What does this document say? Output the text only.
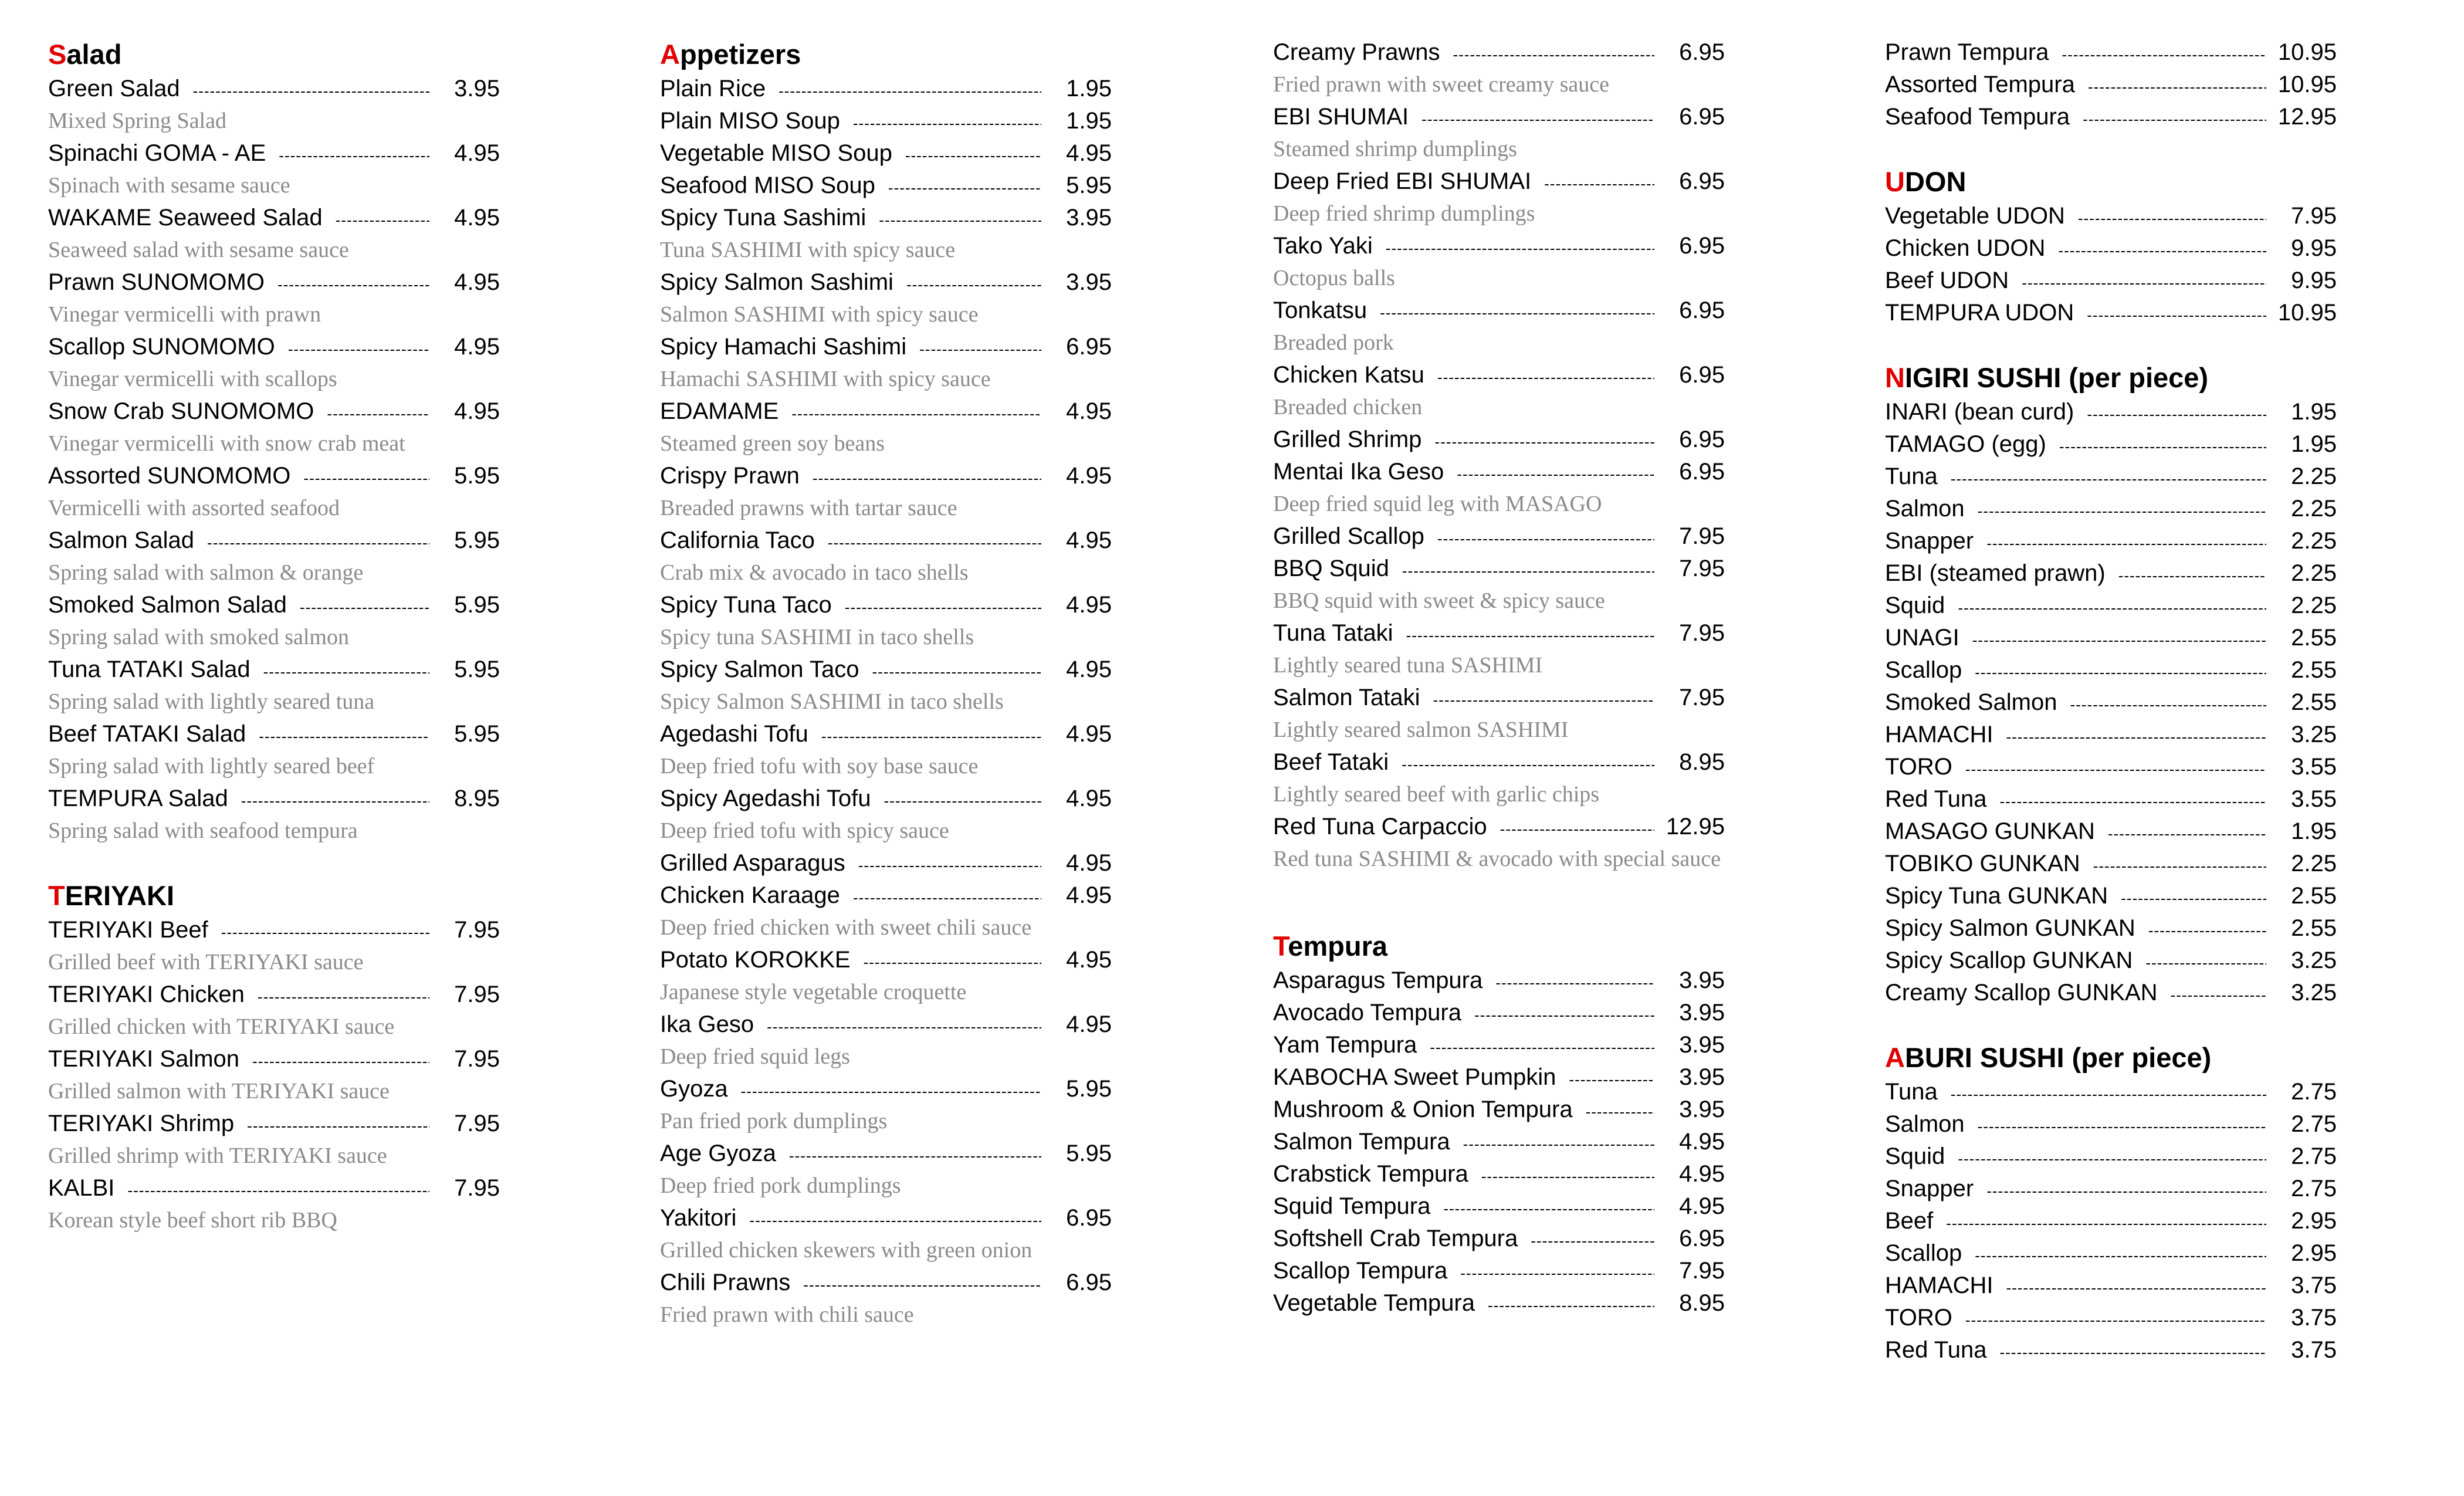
Salad
Green Salad -----	3.95
Mixed Spring Salad
Spinachi GOMA - AE -----	4.95
Spinach with sesame sauce
WAKAME Seaweed Salad -----	4.95
Seaweed salad with sesame sauce
Prawn SUNOMOMO -----	4.95
Vinegar vermicelli with prawn
Scallop SUNOMOMO -----	4.95
Vinegar vermicelli with scallops
Snow Crab SUNOMOMO -----	4.95
Vinegar vermicelli with snow crab meat
Assorted SUNOMOMO -----	5.95
Vermicelli with assorted seafood
Salmon Salad -----	5.95
Spring salad with salmon & orange
Smoked Salmon Salad -----	5.95
Spring salad with smoked salmon
Tuna TATAKI Salad -----	5.95
Spring salad with lightly seared tuna
Beef TATAKI Salad -----	5.95
Spring salad with lightly seared beef
TEMPURA Salad -----	8.95
Spring salad with seafood tempura
TERIYAKI
TERIYAKI Beef -----	7.95
Grilled beef with TERIYAKI sauce
TERIYAKI Chicken -----	7.95
Grilled chicken with TERIYAKI sauce
TERIYAKI Salmon -----	7.95
Grilled salmon with TERIYAKI sauce
TERIYAKI Shrimp -----	7.95
Grilled shrimp with TERIYAKI sauce
KALBI -----	7.95
Korean style beef short rib BBQ
Appetizers
Plain Rice -----	1.95
Plain MISO Soup -----	1.95
Vegetable MISO Soup -----	4.95
Seafood MISO Soup -----	5.95
Spicy Tuna Sashimi -----	3.95
Tuna SASHIMI with spicy sauce
Spicy Salmon Sashimi -----	3.95
Salmon SASHIMI with spicy sauce
Spicy Hamachi Sashimi -----	6.95
Hamachi SASHIMI with spicy sauce
EDAMAME -----	4.95
Steamed green soy beans
Crispy Prawn -----	4.95
Breaded prawns with tartar sauce
California Taco -----	4.95
Crab mix & avocado in taco shells
Spicy Tuna Taco -----	4.95
Spicy tuna SASHIMI in taco shells
Spicy Salmon Taco -----	4.95
Spicy Salmon SASHIMI in taco shells
Agedashi Tofu -----	4.95
Deep fried tofu with soy base sauce
Spicy Agedashi Tofu -----	4.95
Deep fried tofu with spicy sauce
Grilled Asparagus -----	4.95
Chicken Karaage -----	4.95
Deep fried chicken with sweet chili sauce
Potato KOROKKE -----	4.95
Japanese style vegetable croquette
Ika Geso -----	4.95
Deep fried squid legs
Gyoza -----	5.95
Pan fried pork dumplings
Age Gyoza -----	5.95
Deep fried pork dumplings
Yakitori -----	6.95
Grilled chicken skewers with green onion
Chili Prawns -----	6.95
Fried prawn with chili sauce
Creamy Prawns -----	6.95
Fried prawn with sweet creamy sauce
EBI SHUMAI -----	6.95
Steamed shrimp dumplings
Deep Fried EBI SHUMAI -----	6.95
Deep fried shrimp dumplings
Tako Yaki -----	6.95
Octopus balls
Tonkatsu -----	6.95
Breaded pork
Chicken Katsu -----	6.95
Breaded chicken
Grilled Shrimp -----	6.95
Mentai Ika Geso -----	6.95
Deep fried squid leg with MASAGO
Grilled Scallop -----	7.95
BBQ Squid -----	7.95
BBQ squid with sweet & spicy sauce
Tuna Tataki -----	7.95
Lightly seared tuna SASHIMI
Salmon Tataki -----	7.95
Lightly seared salmon SASHIMI
Beef Tataki -----	8.95
Lightly seared beef with garlic chips
Red Tuna Carpaccio -----	12.95
Red tuna SASHIMI & avocado with special sauce
Tempura
Asparagus Tempura -----	3.95
Avocado Tempura -----	3.95
Yam Tempura -----	3.95
KABOCHA Sweet Pumpkin -----	3.95
Mushroom & Onion Tempura -----	3.95
Salmon Tempura -----	4.95
Crabstick Tempura -----	4.95
Squid Tempura -----	4.95
Softshell Crab Tempura -----	6.95
Scallop Tempura -----	7.95
Vegetable Tempura -----	8.95
Prawn Tempura -----	10.95
Assorted Tempura -----	10.95
Seafood Tempura -----	12.95
UDON
Vegetable UDON -----	7.95
Chicken UDON -----	9.95
Beef UDON -----	9.95
TEMPURA UDON -----	10.95
NIGIRI SUSHI (per piece)
INARI (bean curd) -----	1.95
TAMAGO (egg) -----	1.95
Tuna -----	2.25
Salmon -----	2.25
Snapper -----	2.25
EBI (steamed prawn) -----	2.25
Squid -----	2.25
UNAGI -----	2.55
Scallop -----	2.55
Smoked Salmon -----	2.55
HAMACHI -----	3.25
TORO -----	3.55
Red Tuna -----	3.55
MASAGO GUNKAN -----	1.95
TOBIKO GUNKAN -----	2.25
Spicy Tuna GUNKAN -----	2.55
Spicy Salmon GUNKAN -----	2.55
Spicy Scallop GUNKAN -----	3.25
Creamy Scallop GUNKAN -----	3.25
ABURI SUSHI (per piece)
Tuna -----	2.75
Salmon -----	2.75
Squid -----	2.75
Snapper -----	2.75
Beef -----	2.95
Scallop -----	2.95
HAMACHI -----	3.75
TORO -----	3.75
Red Tuna -----	3.75
